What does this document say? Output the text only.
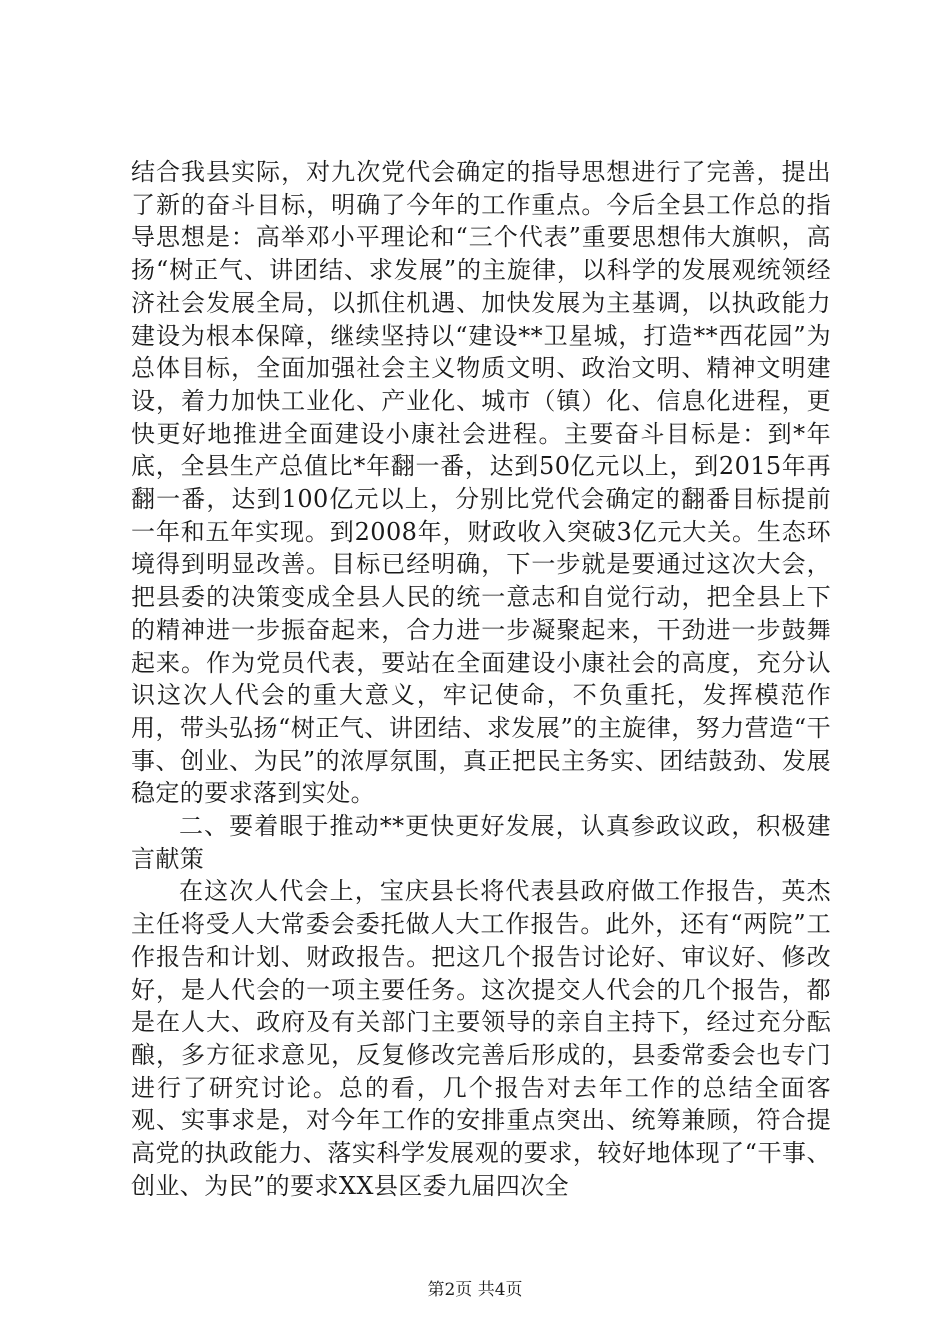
结合我县实际，对九次党代会确定的指导思想进行了完善，提出了新的奋斗目标，明确了今年的工作重点。今后全县工作总的指导思想是：高举邓小平理论和“三个代表”重要思想伟大旗帜，高扬“树正气、讲团结、求发展”的主旋律，以科学的发展观统领经济社会发展全局，以抓住机遇、加快发展为主基调，以执政能力建设为根本保障，继续坚持以“建设**卫星城，打造**西花园”为总体目标，全面加强社会主义物质文明、政治文明、精神文明建设，着力加快工业化、产业化、城市（镇）化、信息化进程，更快更好地推进全面建设小康社会进程。主要奋斗目标是：到*年底，全县生产总值比*年翻一番，达到50亿元以上，到2015年再翻一番，达到100亿元以上，分别比党代会确定的翻番目标提前一年和五年实现。到2008年，财政收入突破3亿元大关。生态环境得到明显改善。目标已经明确，下一步就是要通过这次大会，把县委的决策变成全县人民的统一意志和自觉行动，把全县上下的精神进一步振奋起来，合力进一步凝聚起来，干劲进一步鼓舞起来。作为党员代表，要站在全面建设小康社会的高度，充分认识这次人代会的重大意义，牢记使命，不负重托，发挥模范作用，带头弘扬“树正气、讲团结、求发展”的主旋律，努力营造“干事、创业、为民”的浓厚氛围，真正把民主务实、团结鼓劲、发展稳定的要求落到实处。

二、要着眼于推动**更快更好发展，认真参政议政，积极建言献策

在这次人代会上，宝庆县长将代表县政府做工作报告，英杰主任将受人大常委会委托做人大工作报告。此外，还有“两院”工作报告和计划、财政报告。把这几个报告讨论好、审议好、修改好，是人代会的一项主要任务。这次提交人代会的几个报告，都是在人大、政府及有关部门主要领导的亲自主持下，经过充分酝酿，多方征求意见，反复修改完善后形成的，县委常委会也专门进行了研究讨论。总的看，几个报告对去年工作的总结全面客观、实事求是，对今年工作的安排重点突出、统筹兼顾，符合提高党的执政能力、落实科学发展观的要求，较好地体现了“干事、创业、为民”的要求XX县区委九届四次全

第2页 共4页
